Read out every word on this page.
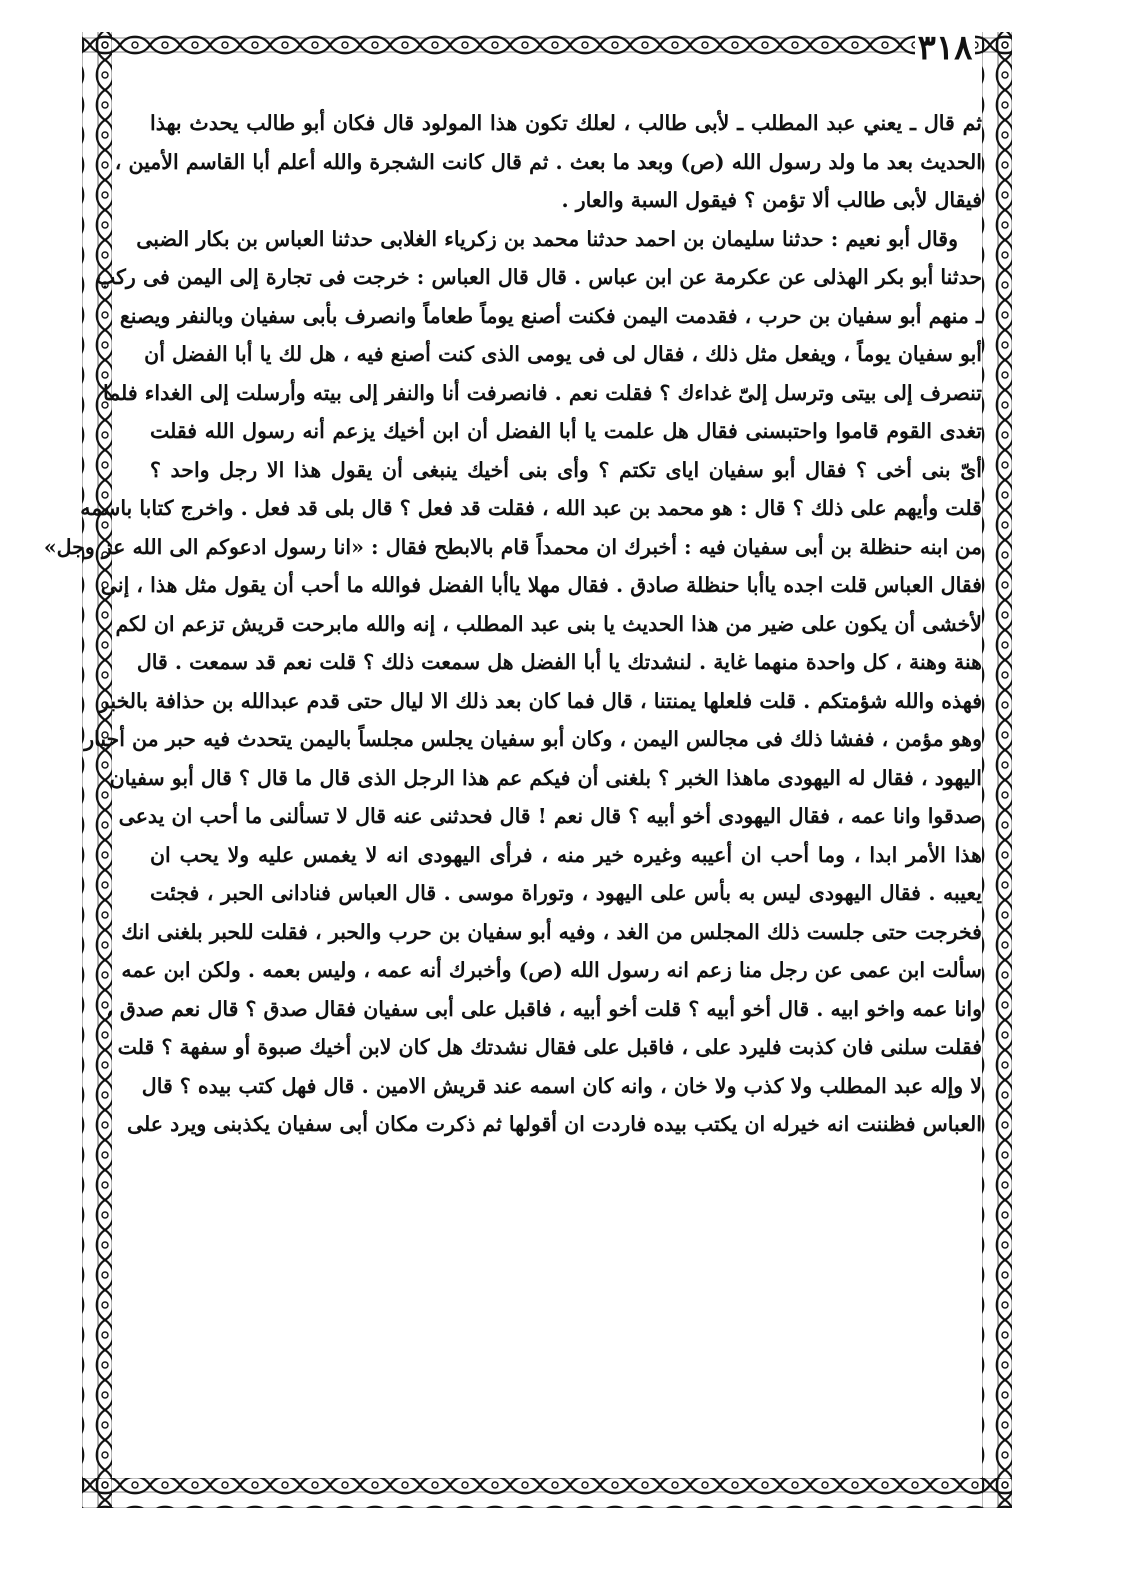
٣١٨
ثم قال ـ يعني عبد المطلب ـ لأبى طالب ، لعلك تكون هذا المولود قال فكان أبو طالب يحدث بهذا
الحديث بعد ما ولد رسول الله (ص) وبعد ما بعث . ثم قال كانت الشجرة والله أعلم أبا القاسم الأمين ،
فيقال لأبى طالب ألا تؤمن ؟ فيقول السبة والعار .
وقال أبو نعيم : حدثنا سليمان بن احمد حدثنا محمد بن زكرياء الغلابى حدثنا العباس بن بكار الضبى
حدثنا أبو بكر الهذلى عن عكرمة عن ابن عباس . قال قال العباس : خرجت فى تجارة إلى اليمن فى ركب
ـ منهم أبو سفيان بن حرب ، فقدمت اليمن فكنت أصنع يوماً طعاماً وانصرف بأبى سفيان وبالنفر ويصنع
أبو سفيان يوماً ، ويفعل مثل ذلك ، فقال لى فى يومى الذى كنت أصنع فيه ، هل لك يا أبا الفضل أن
تنصرف إلى بيتى وترسل إلىّ غداءك ؟ فقلت نعم . فانصرفت أنا والنفر إلى بيته وأرسلت إلى الغداء فلما
تغدى القوم قاموا واحتبسنى فقال هل علمت يا أبا الفضل أن ابن أخيك يزعم أنه رسول الله فقلت
أىّ بنى أخى ؟ فقال أبو سفيان اياى تكتم ؟ وأى بنى أخيك ينبغى أن يقول هذا الا رجل واحد ؟
قلت وأيهم على ذلك ؟ قال : هو محمد بن عبد الله ، فقلت قد فعل ؟ قال بلى قد فعل . واخرج كتابا باسمه
من ابنه حنظلة بن أبى سفيان فيه : أخبرك ان محمداً قام بالابطح فقال : «انا رسول ادعوكم الى الله عز وجل»
فقال العباس قلت اجده ياأبا حنظلة صادق . فقال مهلا ياأبا الفضل فوالله ما أحب أن يقول مثل هذا ، إنى
لأخشى أن يكون على ضير من هذا الحديث يا بنى عبد المطلب ، إنه والله مابرحت قريش تزعم ان لكم
هنة وهنة ، كل واحدة منهما غاية . لنشدتك يا أبا الفضل هل سمعت ذلك ؟ قلت نعم قد سمعت . قال
فهذه والله شؤمتكم . قلت فلعلها يمنتنا ، قال فما كان بعد ذلك الا ليال حتى قدم عبدالله بن حذافة بالخبر
وهو مؤمن ، ففشا ذلك فى مجالس اليمن ، وكان أبو سفيان يجلس مجلساً باليمن يتحدث فيه حبر من أحبار
اليهود ، فقال له اليهودى ماهذا الخبر ؟ بلغنى أن فيكم عم هذا الرجل الذى قال ما قال ؟ قال أبو سفيان
صدقوا وانا عمه ، فقال اليهودى أخو أبيه ؟ قال نعم ! قال فحدثنى عنه قال لا تسألنى ما أحب ان يدعى
هذا الأمر ابدا ، وما أحب ان أعيبه وغيره خير منه ، فرأى اليهودى انه لا يغمس عليه ولا يحب ان
يعيبه . فقال اليهودى ليس به بأس على اليهود ، وتوراة موسى . قال العباس فنادانى الحبر ، فجئت
فخرجت حتى جلست ذلك المجلس من الغد ، وفيه أبو سفيان بن حرب والحبر ، فقلت للحبر بلغنى انك
سألت ابن عمى عن رجل منا زعم انه رسول الله (ص) وأخبرك أنه عمه ، وليس بعمه . ولكن ابن عمه
وانا عمه واخو ابيه . قال أخو أبيه ؟ قلت أخو أبيه ، فاقبل على أبى سفيان فقال صدق ؟ قال نعم صدق ،
فقلت سلنى فان كذبت فليرد على ، فاقبل على فقال نشدتك هل كان لابن أخيك صبوة أو سفهة ؟ قلت
لا وإله عبد المطلب ولا كذب ولا خان ، وانه كان اسمه عند قريش الامين . قال فهل كتب بيده ؟ قال
العباس فظننت انه خيرله ان يكتب بيده فاردت ان أقولها ثم ذكرت مكان أبى سفيان يكذبنى ويرد على
